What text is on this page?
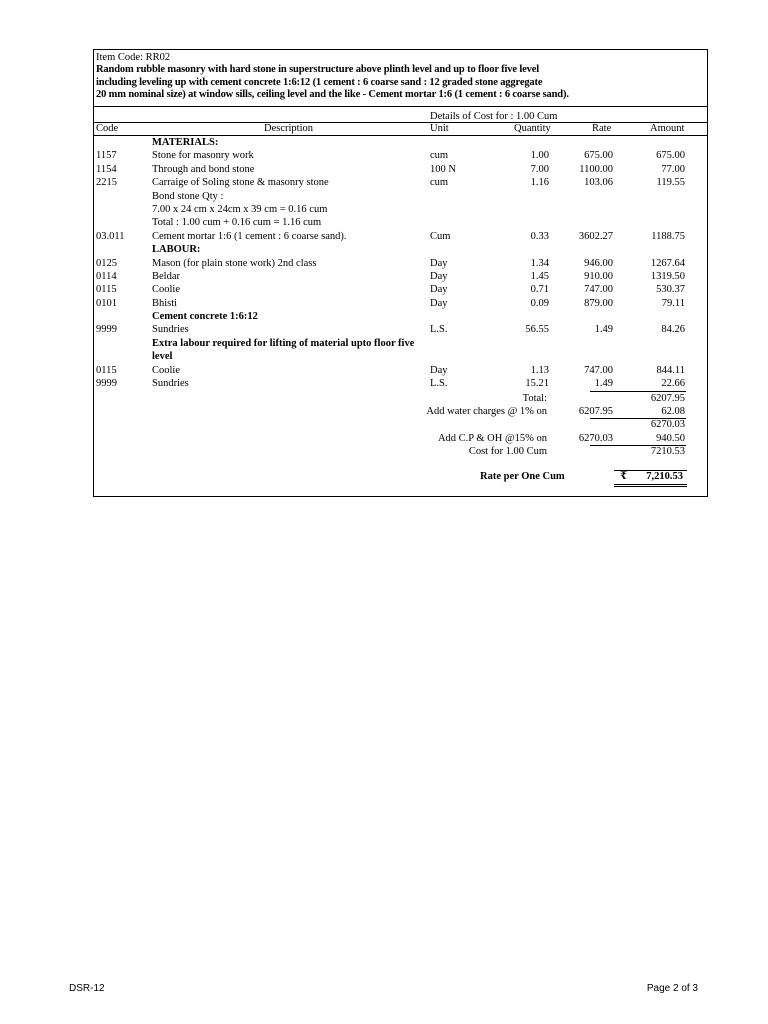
Item Code: RR02
Random rubble masonry with hard stone in superstructure above plinth level and up to floor five level
including leveling up with cement concrete 1:6:12 (1 cement : 6 coarse sand : 12 graded stone aggregate
20 mm nominal size) at window sills, ceiling level and the like - Cement mortar 1:6 (1 cement : 6 coarse sand).
Details of Cost for : 1.00 Cum
Code	Description	Unit	Quantity	Rate	Amount
MATERIALS:
1157	Stone for masonry work	cum	1.00	675.00	675.00
1154	Through and bond stone	100 N	7.00	1100.00	77.00
2215	Carraige of Soling stone & masonry stone	cum	1.16	103.06	119.55
Bond stone Qty :
7.00 x 24 cm x 24cm x 39 cm = 0.16 cum
Total : 1.00 cum + 0.16 cum = 1.16 cum
03.011	Cement mortar 1:6 (1 cement : 6 coarse sand).	Cum	0.33	3602.27	1188.75
LABOUR:
0125	Mason (for plain stone work) 2nd class	Day	1.34	946.00	1267.64
0114	Beldar	Day	1.45	910.00	1319.50
0115	Coolie	Day	0.71	747.00	530.37
0101	Bhisti	Day	0.09	879.00	79.11
Cement concrete 1:6:12
9999	Sundries	L.S.	56.55	1.49	84.26
Extra labour required for lifting of material upto floor five
level
0115	Coolie	Day	1.13	747.00	844.11
9999	Sundries	L.S.	15.21	1.49	22.66
Total:	6207.95
Add water charges @ 1% on	6207.95	62.08
6270.03
Add C.P & OH @15% on	6270.03	940.50
Cost for 1.00 Cum	7210.53
Rate per One Cum	₹ 7,210.53
DSR-12	Page 2 of 3
